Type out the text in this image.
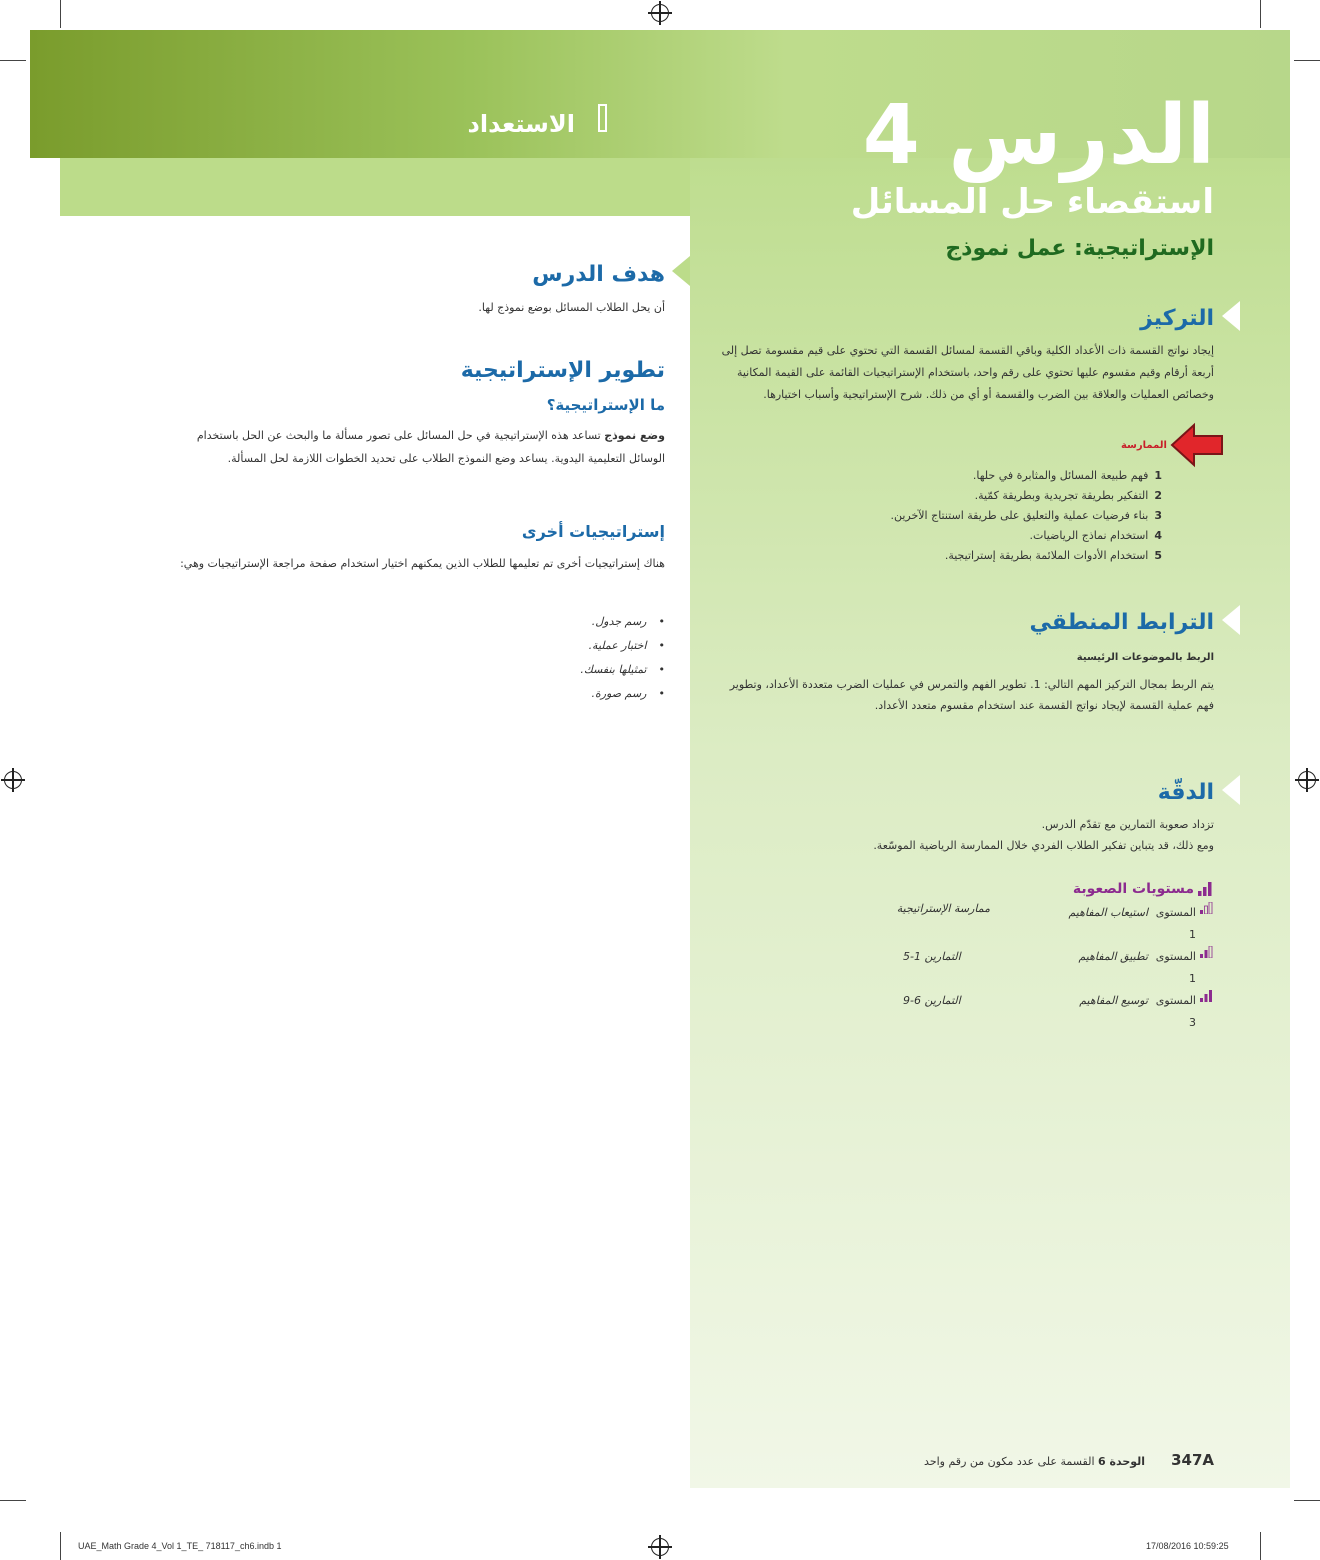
الدرس 4
استقصاء حل المسائل
الإستراتيجية: عمل نموذج
الاستعداد
هدف الدرس
أن يحل الطلاب المسائل بوضع نموذج لها.
تطوير الإستراتيجية
ما الإستراتيجية؟
وضع نموذج تساعد هذه الإستراتيجية في حل المسائل على تصور مسألة ما والبحث عن الحل باستخدام الوسائل التعليمية اليدوية. يساعد وضع النموذج الطلاب على تحديد الخطوات اللازمة لحل المسألة.
إستراتيجيات أخرى
هناك إستراتيجيات أخرى تم تعليمها للطلاب الذين يمكنهم اختيار استخدام صفحة مراجعة الإستراتيجيات وهي:
• رسم جدول.
• اختبار عملية.
• تمثيلها بنفسك.
• رسم صورة.
التركيز
إيجاد نواتج القسمة ذات الأعداد الكلية وباقي القسمة لمسائل القسمة التي تحتوي على قيم مقسومة تصل إلى أربعة أرقام وقيم مقسوم عليها تحتوي على رقم واحد، باستخدام الإستراتيجيات القائمة على القيمة المكانية وخصائص العمليات والعلاقة بين الضرب والقسمة أو أي من ذلك. شرح الإستراتيجية وأسباب اختيارها.
الممارسة
1فهم طبيعة المسائل والمثابرة في حلها.
2التفكير بطريقة تجريدية وبطريقة كمّية.
3بناء فرضيات عملية والتعليق على طريقة استنتاج الآخرين.
4استخدام نماذج الرياضيات.
5استخدام الأدوات الملائمة بطريقة إستراتيجية.
الترابط المنطقي
الربط بالموضوعات الرئيسية
يتم الربط بمجال التركيز المهم التالي: 1. تطوير الفهم والتمرس في عمليات الضرب متعددة الأعداد، وتطوير فهم عملية القسمة لإيجاد نواتج القسمة عند استخدام مقسوم متعدد الأعداد.
الدقّة
تزداد صعوبة التمارين مع تقدّم الدرس.
ومع ذلك، قد يتباين تفكير الطلاب الفردي خلال الممارسة الرياضية الموسّعة.
مستويات الصعوبة
ممارسة الإستراتيجية	المستوى 1
استيعاب المفاهيم
المستوى 1
تطبيق المفاهيم
التمارين 1-5
المستوى 3
توسيع المفاهيم
التمارين 6-9
347Aالوحدة 6 القسمة على عدد مكون من رقم واحد
UAE_Math Grade 4_Vol 1_TE_ 718117_ch6.indb 1	17/08/2016 10:59:25
